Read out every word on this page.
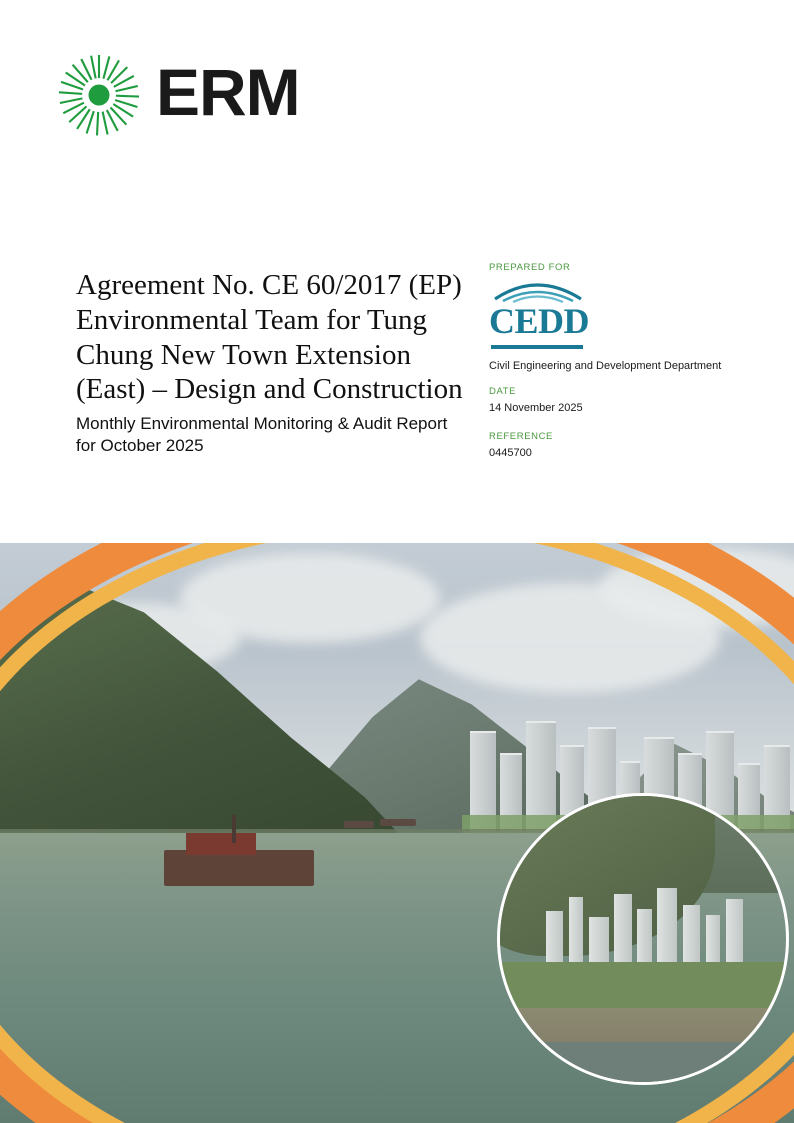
ERM
Agreement No. CE 60/2017 (EP) Environmental Team for Tung Chung New Town Extension (East) – Design and Construction

Monthly Environmental Monitoring & Audit Report for October 2025

PREPARED FOR

CEDD

Civil Engineering and Development Department

DATE

14 November 2025

REFERENCE

0445700
